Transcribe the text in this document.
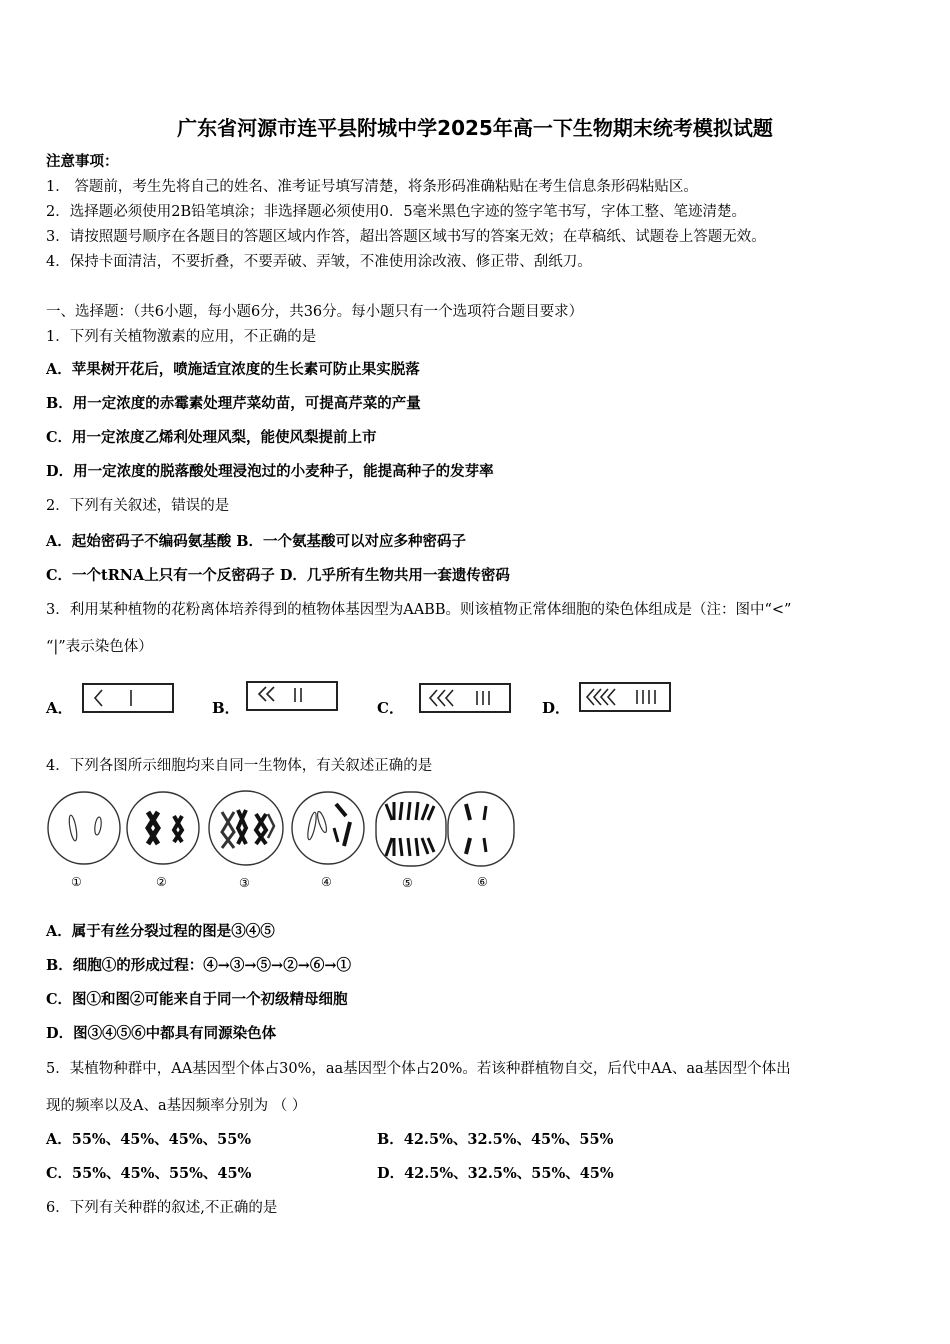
广东省河源市连平县附城中学2025年高一下生物期末统考模拟试题
注意事项：
1． 答题前，考生先将自己的姓名、准考证号填写清楚，将条形码准确粘贴在考生信息条形码粘贴区。
2．选择题必须使用2B铅笔填涂；非选择题必须使用0．5毫米黑色字迹的签字笔书写，字体工整、笔迹清楚。
3．请按照题号顺序在各题目的答题区域内作答，超出答题区域书写的答案无效；在草稿纸、试题卷上答题无效。
4．保持卡面清洁，不要折叠，不要弄破、弄皱，不准使用涂改液、修正带、刮纸刀。
一、选择题：（共6小题，每小题6分，共36分。每小题只有一个选项符合题目要求）
1．下列有关植物激素的应用，不正确的是
A．苹果树开花后，喷施适宜浓度的生长素可防止果实脱落
B．用一定浓度的赤霉素处理芹菜幼苗，可提高芹菜的产量
C．用一定浓度乙烯利处理风梨，能使风梨提前上市
D．用一定浓度的脱落酸处理浸泡过的小麦种子，能提高种子的发芽率
2．下列有关叙述，错误的是
A．起始密码子不编码氨基酸 B．一个氨基酸可以对应多种密码子
C．一个tRNA上只有一个反密码子 D．几乎所有生物共用一套遗传密码
3．利用某种植物的花粉离体培养得到的植物体基因型为AABB。则该植物正常体细胞的染色体组成是（注：图中“<”
“|”表示染色体）
A．	B．	C．	D．
4．下列各图所示细胞均来自同一生物体，有关叙述正确的是
①	②	③	④	⑤	⑥
A．属于有丝分裂过程的图是③④⑤
B．细胞①的形成过程：④→③→⑤→②→⑥→①
C．图①和图②可能来自于同一个初级精母细胞
D．图③④⑤⑥中都具有同源染色体
5．某植物种群中，AA基因型个体占30%，aa基因型个体占20%。若该种群植物自交，后代中AA、aa基因型个体出
现的频率以及A、a基因频率分别为 （ ）
A．55%、45%、45%、55%	B．42.5%、32.5%、45%、55%
C．55%、45%、55%、45%	D．42.5%、32.5%、55%、45%
6．下列有关种群的叙述,不正确的是
